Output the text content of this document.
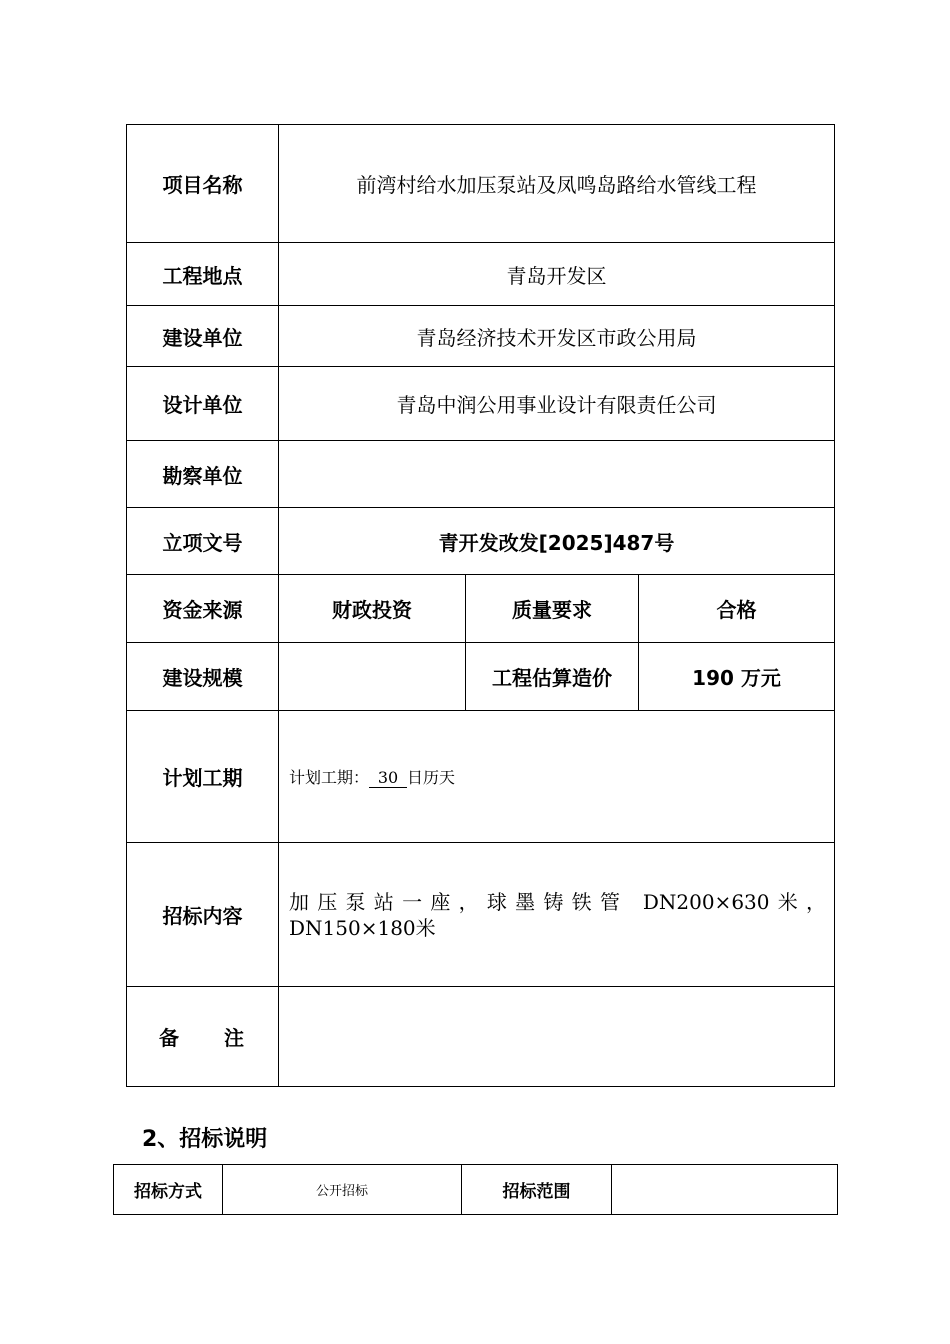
项目名称	前湾村给水加压泵站及凤鸣岛路给水管线工程		
工程地点	青岛开发区		
建设单位	青岛经济技术开发区市政公用局		
设计单位	青岛中润公用事业设计有限责任公司		
勘察单位			
立项文号	青开发改发[2025]487号		
资金来源	财政投资	质量要求	合格
建设规模		工程估算造价	190 万元
计划工期	计划工期： 30 日历天		
招标内容	加压泵站一座，球墨铸铁管 DN200×630米，DN150×180米		

备 注			

2、招标说明
招标方式	公开招标	招标范围	
